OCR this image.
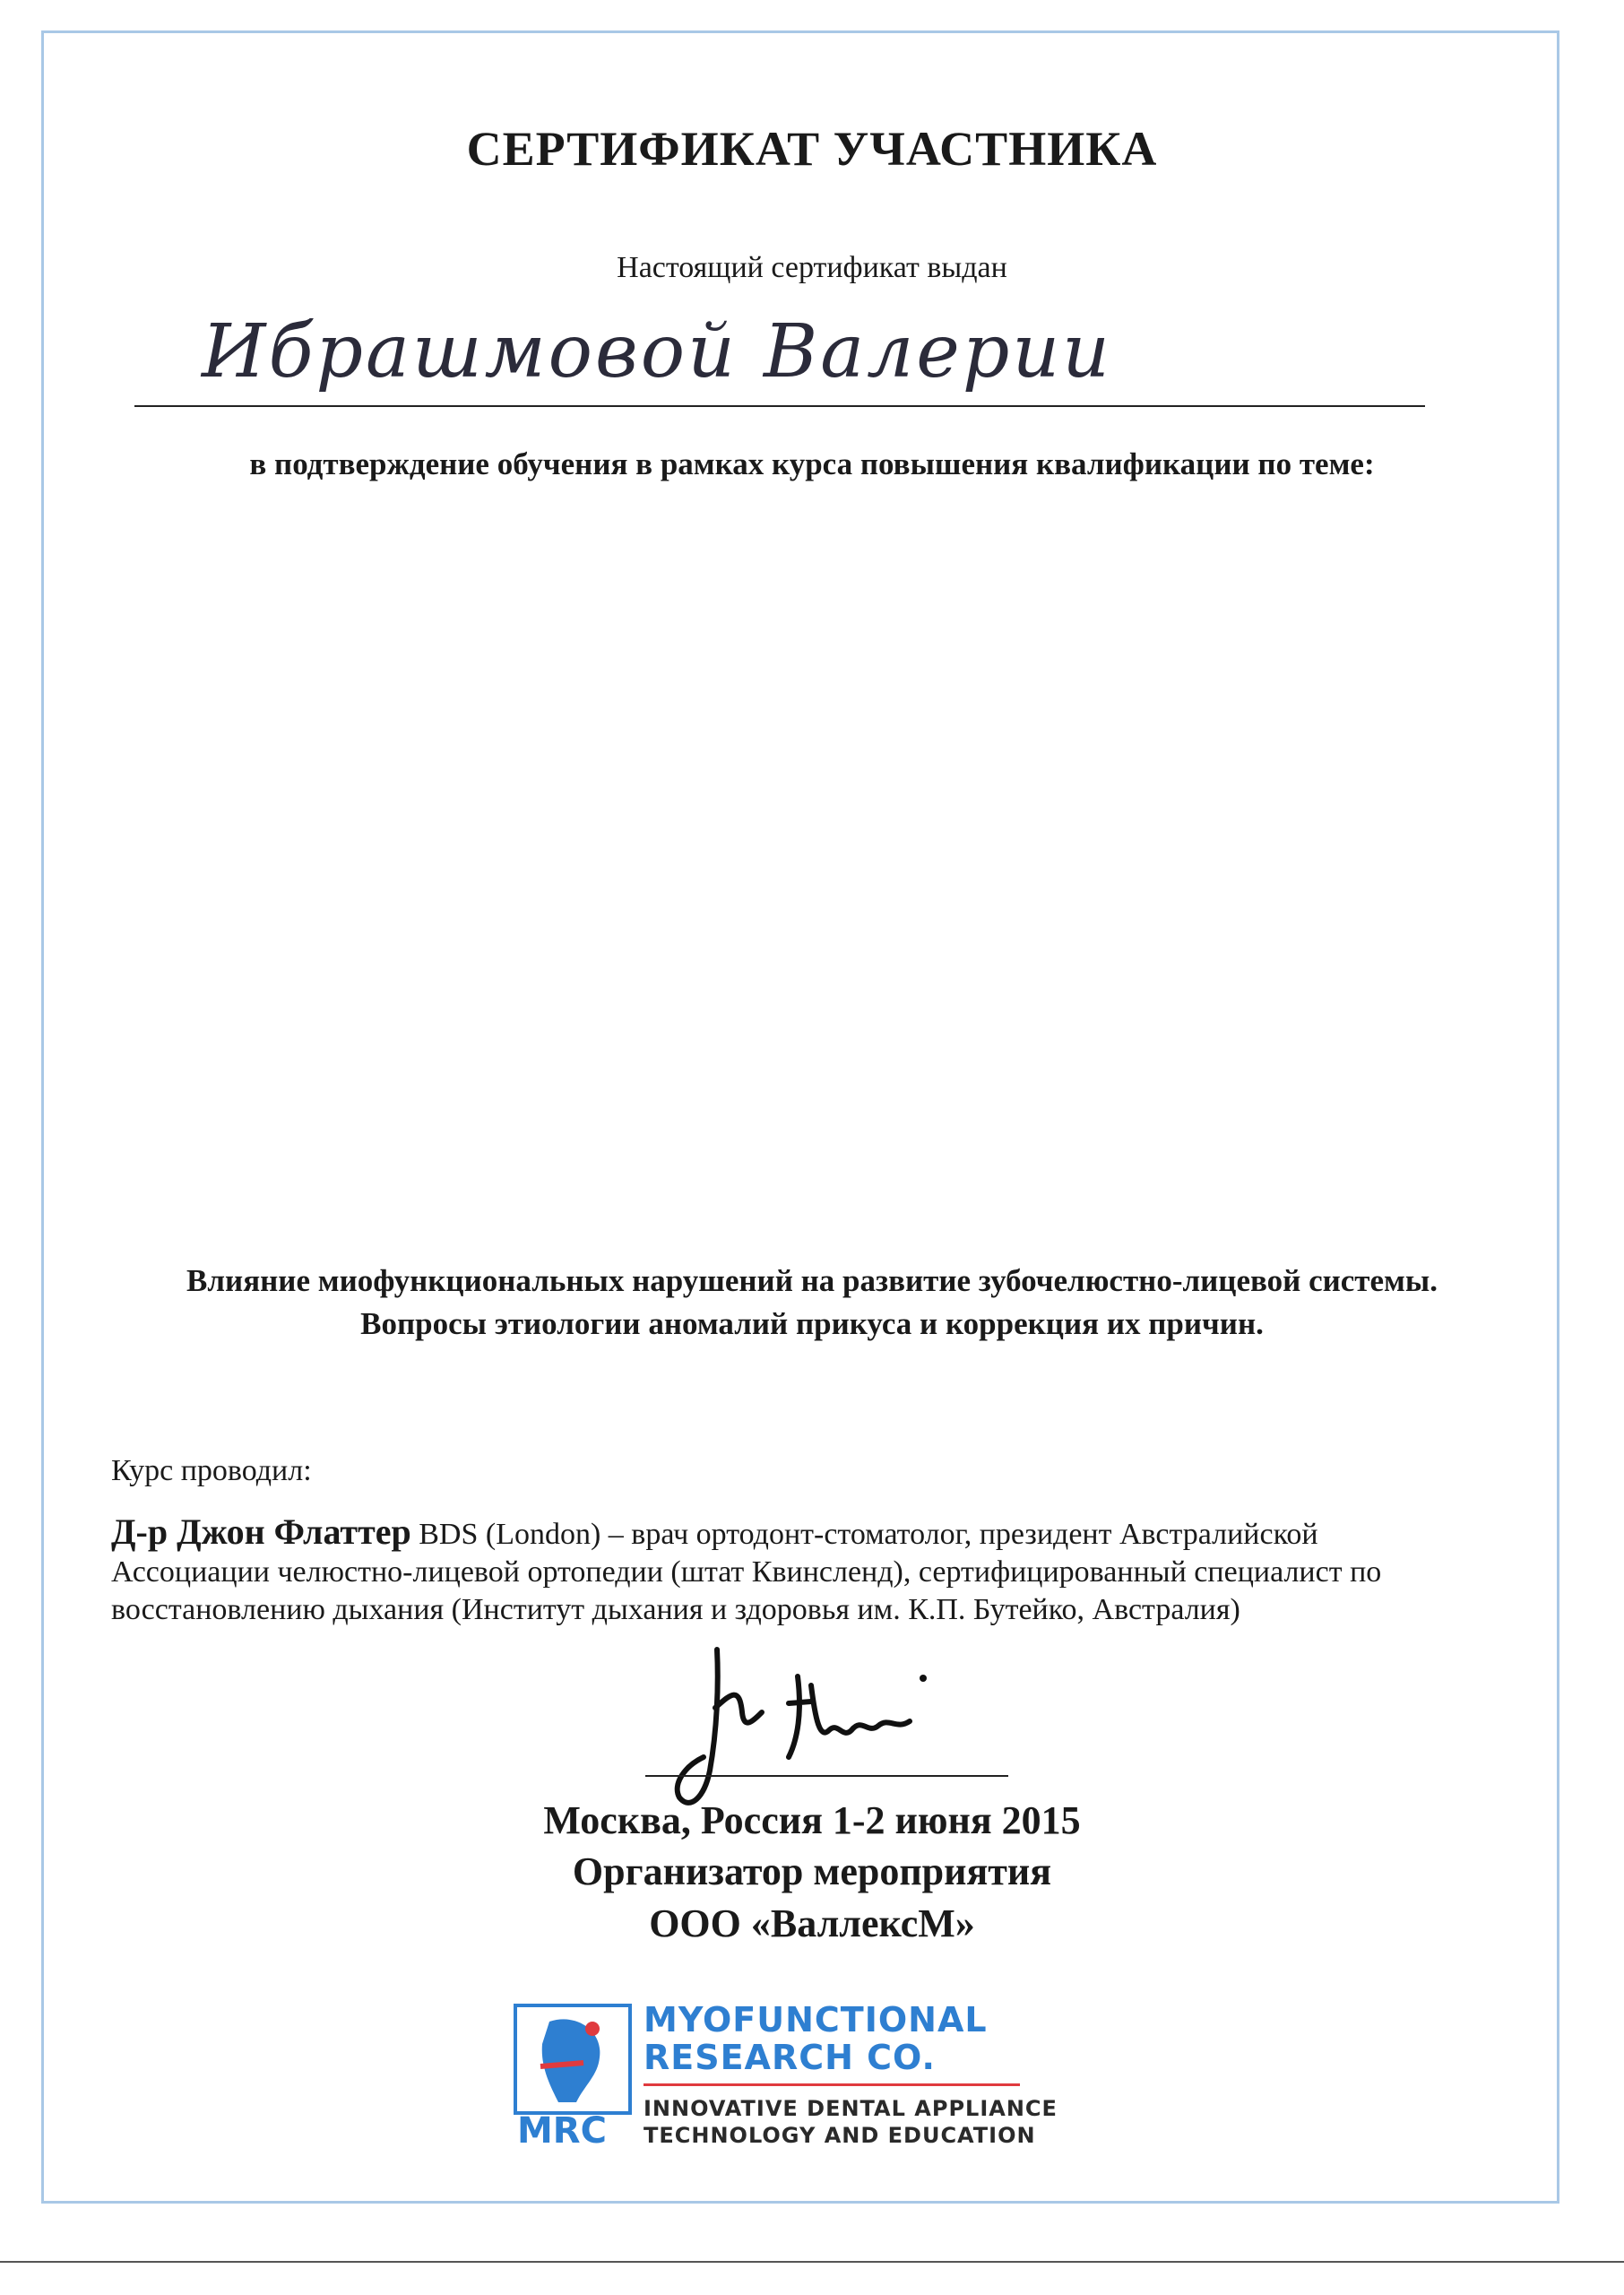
СЕРТИФИКАТ УЧАСТНИКА
Настоящий сертификат выдан
Ибрашмовой Валерии
в подтверждение обучения в рамках курса повышения квалификации по теме:
Влияние миофункциональных нарушений на развитие зубочелюстно-лицевой системы.
Вопросы этиологии аномалий прикуса и коррекция их причин.
Курс проводил:
Д-р Джон Флаттер BDS (London) – врач ортодонт-стоматолог, президент Австралийской Ассоциации челюстно-лицевой ортопедии (штат Квинсленд), сертифицированный специалист по восстановлению дыхания (Институт дыхания и здоровья им. К.П. Бутейко, Австралия)
Москва, Россия 1-2 июня 2015
Организатор мероприятия
ООО «ВаллексМ»
MRC
MYOFUNCTIONAL
RESEARCH CO.
INNOVATIVE DENTAL APPLIANCE
TECHNOLOGY AND EDUCATION
